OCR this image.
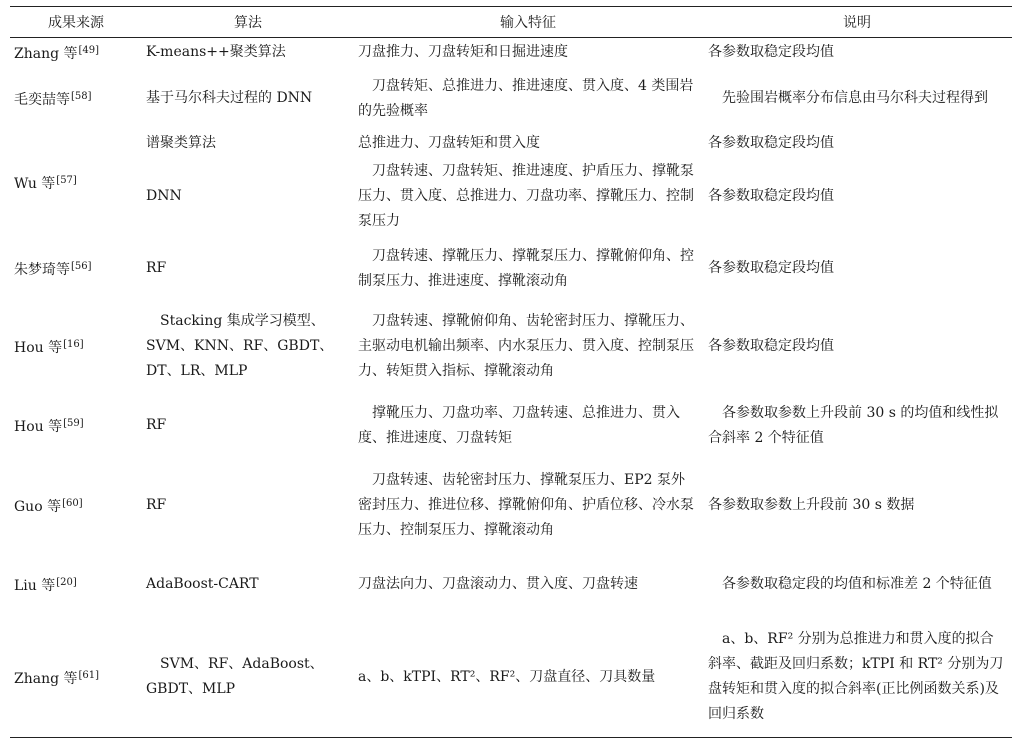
成果来源	算法	输入特征	说明
Zhang 等[49]	K-means++聚类算法	刀盘推力、刀盘转矩和日掘进速度	各参数取稳定段均值
毛奕喆等[58]	基于马尔科夫过程的 DNN	刀盘转矩、总推进力、推进速度、贯入度、4 类围岩的先验概率	先验围岩概率分布信息由马尔科夫过程得到
Wu 等[57]	谱聚类算法	总推进力、刀盘转矩和贯入度	各参数取稳定段均值
	DNN	刀盘转速、刀盘转矩、推进速度、护盾压力、撑靴泵压力、贯入度、总推进力、刀盘功率、撑靴压力、控制泵压力	各参数取稳定段均值
朱梦琦等[56]	RF	刀盘转速、撑靴压力、撑靴泵压力、撑靴俯仰角、控制泵压力、推进速度、撑靴滚动角	各参数取稳定段均值
Hou 等[16]	Stacking 集成学习模型、SVM、KNN、RF、GBDT、DT、LR、MLP	刀盘转速、撑靴俯仰角、齿轮密封压力、撑靴压力、主驱动电机输出频率、内水泵压力、贯入度、控制泵压力、转矩贯入指标、撑靴滚动角	各参数取稳定段均值
Hou 等[59]	RF	撑靴压力、刀盘功率、刀盘转速、总推进力、贯入度、推进速度、刀盘转矩	各参数取参数上升段前 30 s 的均值和线性拟合斜率 2 个特征值
Guo 等[60]	RF	刀盘转速、齿轮密封压力、撑靴泵压力、EP2 泵外密封压力、推进位移、撑靴俯仰角、护盾位移、冷水泵压力、控制泵压力、撑靴滚动角	各参数取参数上升段前 30 s 数据
Liu 等[20]	AdaBoost-CART	刀盘法向力、刀盘滚动力、贯入度、刀盘转速	各参数取稳定段的均值和标准差 2 个特征值
Zhang 等[61]	SVM、RF、AdaBoost、GBDT、MLP	a、b、kTPI、RT²、RF²、刀盘直径、刀具数量	a、b、RF² 分别为总推进力和贯入度的拟合斜率、截距及回归系数；kTPI 和 RT² 分别为刀盘转矩和贯入度的拟合斜率(正比例函数关系)及回归系数
